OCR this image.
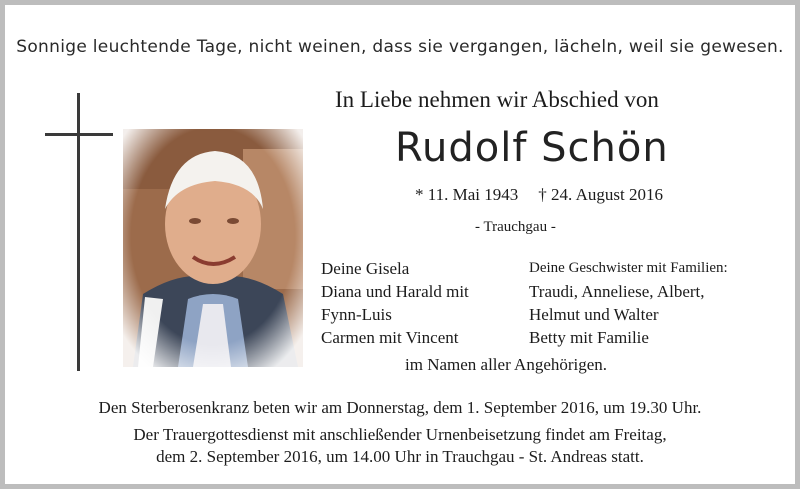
Sonnige leuchtende Tage, nicht weinen, dass sie vergangen, lächeln, weil sie gewesen.
In Liebe nehmen wir Abschied von
Rudolf Schön
* 11. Mai 1943 † 24. August 2016
- Trauchgau -
Deine Gisela
Diana und Harald mit
Fynn-Luis
Carmen mit Vincent
Deine Geschwister mit Familien:
Traudi, Anneliese, Albert,
Helmut und Walter
Betty mit Familie
im Namen aller Angehörigen.
Den Sterberosenkranz beten wir am Donnerstag, dem 1. September 2016, um 19.30 Uhr.
Der Trauergottesdienst mit anschließender Urnenbeisetzung findet am Freitag,
dem 2. September 2016, um 14.00 Uhr in Trauchgau - St. Andreas statt.
